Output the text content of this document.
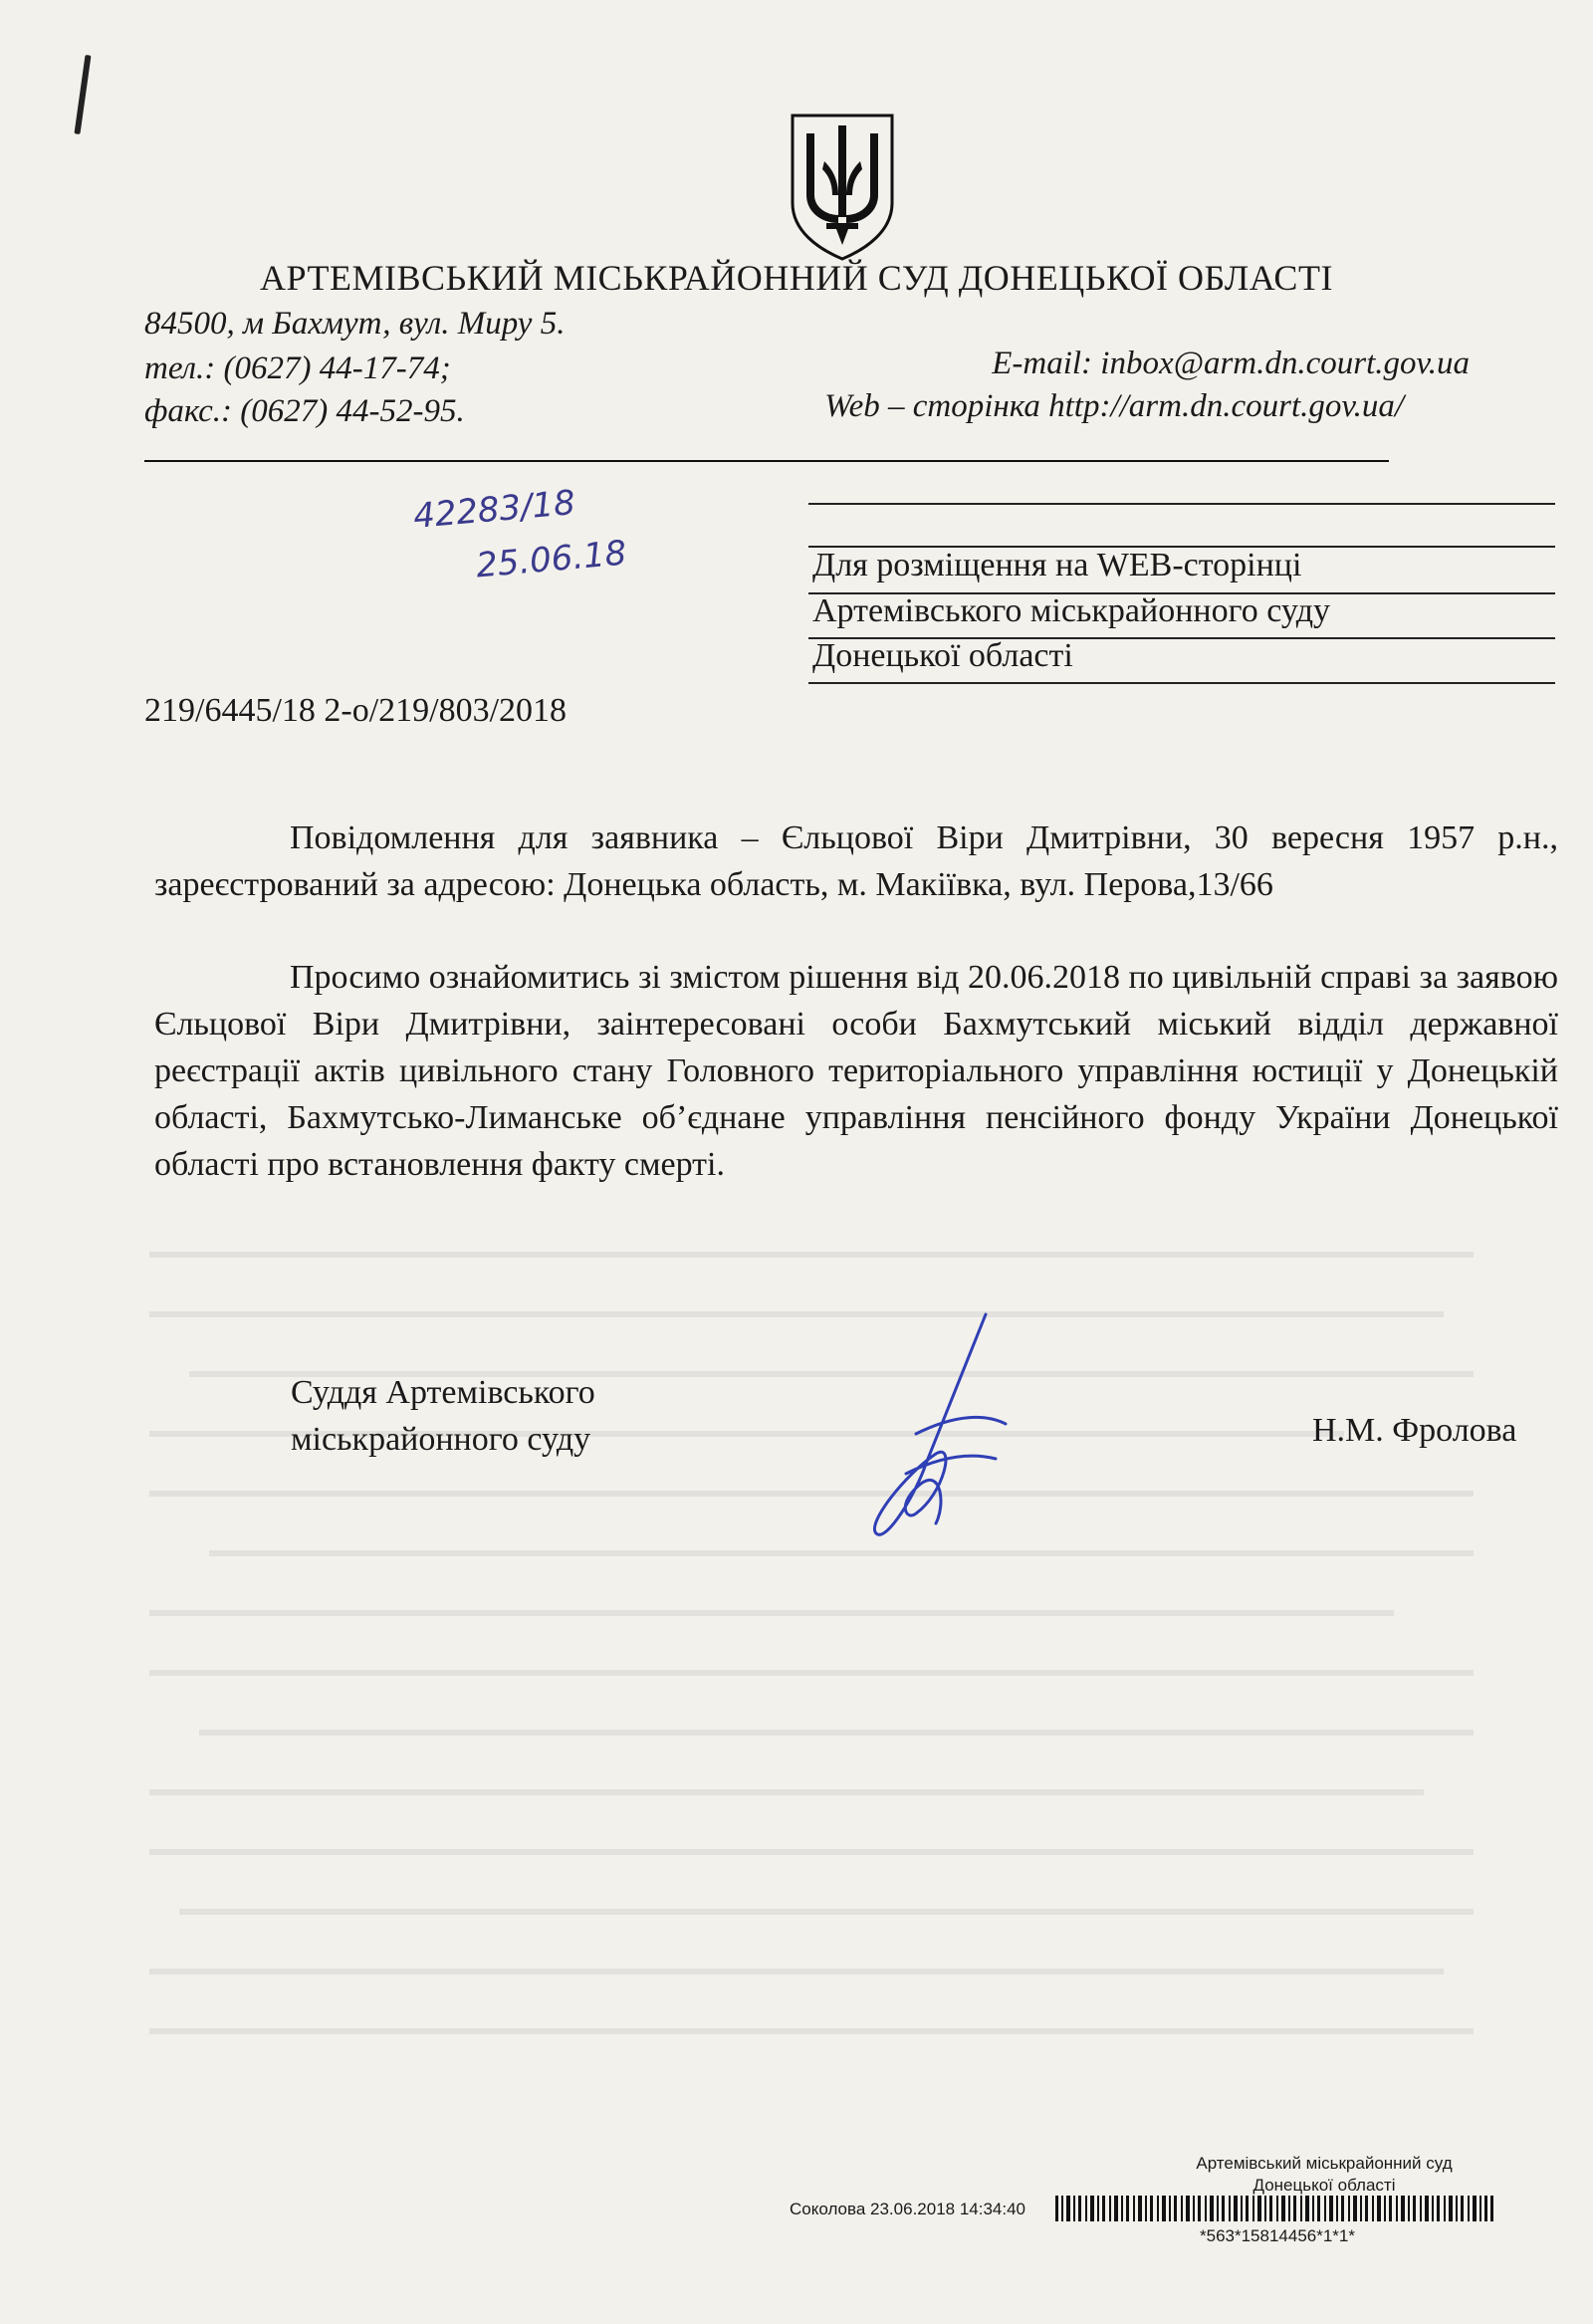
АРТЕМІВСЬКИЙ МІСЬКРАЙОННИЙ СУД ДОНЕЦЬКОЇ ОБЛАСТІ
84500, м Бахмут, вул. Миру 5.
тел.: (0627) 44-17-74;
факс.: (0627) 44-52-95.
E-mail: inbox@arm.dn.court.gov.ua
Web – сторінка http://arm.dn.court.gov.ua/
42283/18
25.06.18	Для розміщення на WEB-сторінці
Артемівського міськрайонного суду
Донецької області
219/6445/18 2-о/219/803/2018

Повідомлення для заявника – Єльцової Віри Дмитрівни, 30 вересня 1957 р.н., зареєстрований за адресою: Донецька область, м. Макіївка, вул. Перова,13/66

Просимо ознайомитись зі змістом рішення від 20.06.2018 по цивільній справі за заявою Єльцової Віри Дмитрівни, заінтересовані особи Бахмутський міський відділ державної реєстрації актів цивільного стану Головного територіального управління юстиції у Донецькій області, Бахмутсько-Лиманське об’єднане управління пенсійного фонду України Донецької області про встановлення факту смерті.

Суддя Артемівського
міськрайонного суду	Н.М. Фролова
Артемівський міськрайонний суд
Донецької області
Соколова 23.06.2018 14:34:40
*563*15814456*1*1*
